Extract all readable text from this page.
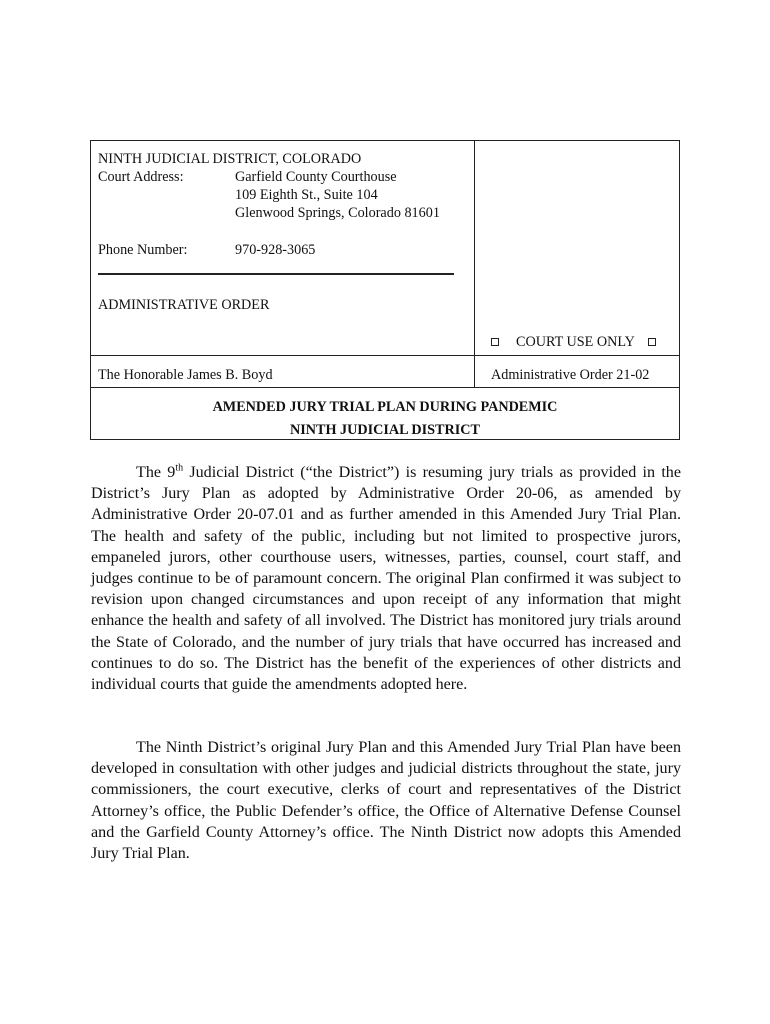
NINTH JUDICIAL DISTRICT, COLORADO
Court Address:	Garfield County Courthouse
109 Eighth St., Suite 104
Glenwood Springs, Colorado 81601
Phone Number:	970-928-3065
ADMINISTRATIVE ORDER
COURT USE ONLY
The Honorable James B. Boyd	Administrative Order 21-02
AMENDED JURY TRIAL PLAN DURING PANDEMIC
NINTH JUDICIAL DISTRICT

The 9th Judicial District (“the District”) is resuming jury trials as provided in the District’s Jury Plan as adopted by Administrative Order 20-06, as amended by Administrative Order 20-07.01 and as further amended in this Amended Jury Trial Plan. The health and safety of the public, including but not limited to prospective jurors, empaneled jurors, other courthouse users, witnesses, parties, counsel, court staff, and judges continue to be of paramount concern. The original Plan confirmed it was subject to revision upon changed circumstances and upon receipt of any information that might enhance the health and safety of all involved. The District has monitored jury trials around the State of Colorado, and the number of jury trials that have occurred has increased and continues to do so. The District has the benefit of the experiences of other districts and individual courts that guide the amendments adopted here.

The Ninth District’s original Jury Plan and this Amended Jury Trial Plan have been developed in consultation with other judges and judicial districts throughout the state, jury commissioners, the court executive, clerks of court and representatives of the District Attorney’s office, the Public Defender’s office, the Office of Alternative Defense Counsel and the Garfield County Attorney’s office. The Ninth District now adopts this Amended Jury Trial Plan.
